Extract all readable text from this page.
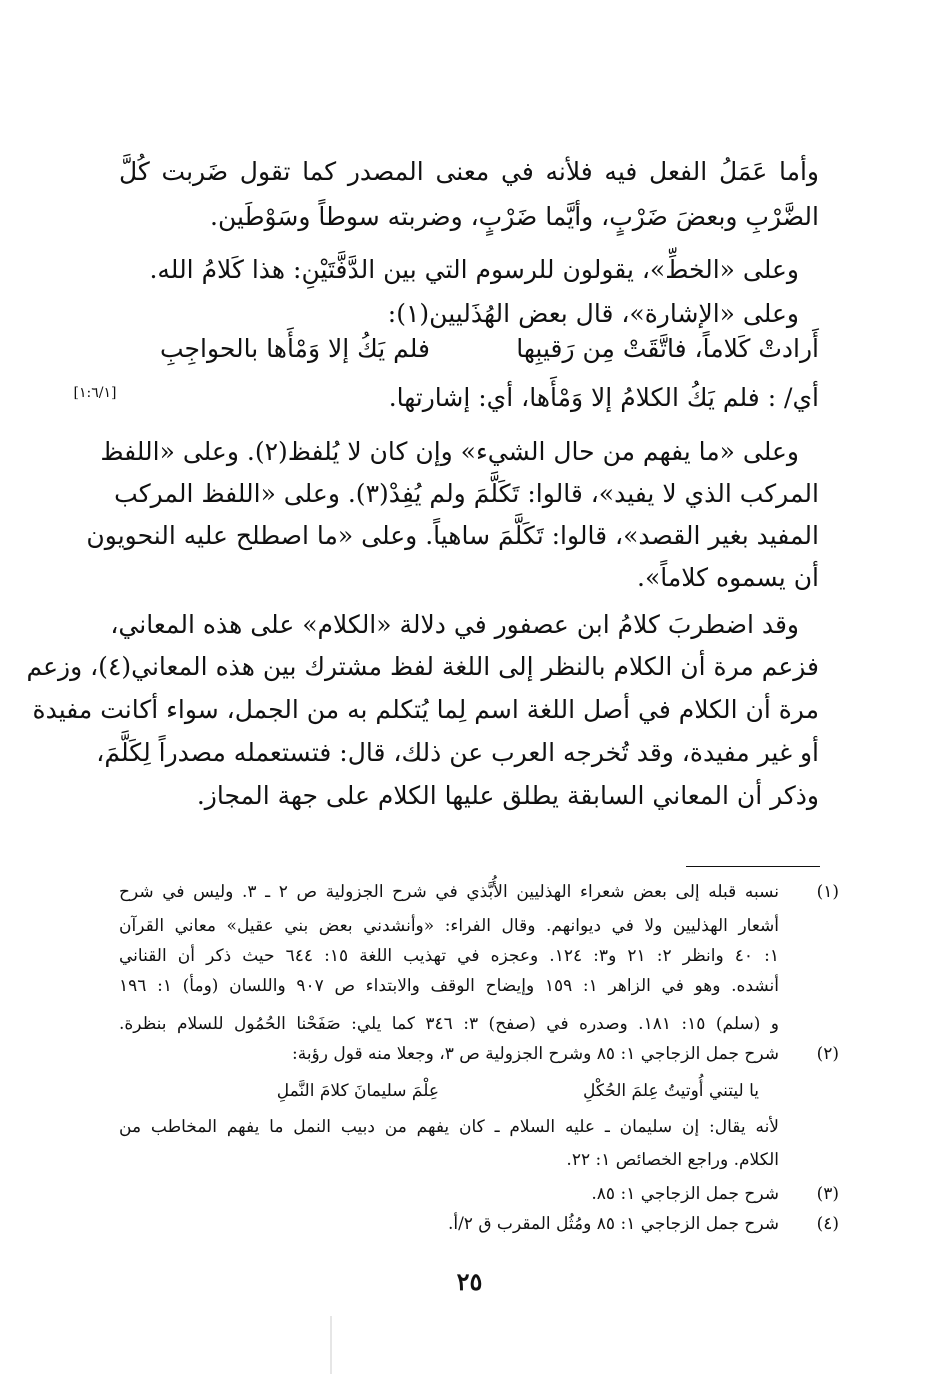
وأما عَمَلُ الفعل فيه فلأنه في معنى المصدر كما تقول ضَربت كُلَّ
الضَّرْبِ وبعضَ ضَرْبٍ، وأيَّما ضَرْبٍ، وضربته سوطاً وسَوْطَين.
وعلى «الخطِّ»، يقولون للرسوم التي بين الدَّفَّتَيْنِ: هذا كَلامُ الله.
وعلى «الإشارة»، قال بعض الهُذَليين(١):
أَرادتْ كَلاماً، فاتَّقَتْ مِن رَقيبِها
فلم يَكُ إلا وَمْأَها بالحواجِبِ
أي/ : فلم يَكُ الكلامُ إلا وَمْأَها، أي: إشارتها.
[١:٦/١]
وعلى «ما يفهم من حال الشيء» وإن كان لا يُلفظ(٢). وعلى «اللفظ
المركب الذي لا يفيد»، قالوا: تَكَلَّمَ ولم يُفِدْ(٣). وعلى «اللفظ المركب
المفيد بغير القصد»، قالوا: تَكَلَّمَ ساهياً. وعلى «ما اصطلح عليه النحويون
أن يسموه كلاماً».
وقد اضطربَ كلامُ ابن عصفور في دلالة «الكلام» على هذه المعاني،
فزعم مرة أن الكلام بالنظر إلى اللغة لفظ مشترك بين هذه المعاني(٤)، وزعم
مرة أن الكلام في أصل اللغة اسم لِما يُتكلم به من الجمل، سواء أكانت مفيدة
أو غير مفيدة، وقد تُخرجه العرب عن ذلك، قال: فتستعمله مصدراً لِكَلَّمَ،
وذكر أن المعاني السابقة يطلق عليها الكلام على جهة المجاز.
(١)
نسبه قبله إلى بعض شعراء الهذليين الأُبَّذي في شرح الجزولية ص ٢ ـ ٣. وليس في شرح
أشعار الهذليين ولا في ديوانهم. وقال الفراء: «وأنشدني بعض بني عقيل» معاني القرآن
١: ٤٠ وانظر ٢: ٢١ و٣: ١٢٤. وعجزه في تهذيب اللغة ١٥: ٦٤٤ حيث ذكر أن القناني
أنشده. وهو في الزاهر ١: ١٥٩ وإيضاح الوقف والابتداء ص ٩٠٧ واللسان (ومأ) ١: ١٩٦
و (سلم) ١٥: ١٨١. وصدره في (صفح) ٣: ٣٤٦ كما يلي: صَفَحْنا الحُمُول للسلام بنظرة.
(٢)
شرح جمل الزجاجي ١: ٨٥ وشرح الجزولية ص ٣، وجعلا منه قول رؤبة:
يا ليتني أُوتيتُ عِلمَ الحُكْلِ
عِلْمَ سليمانَ كلامَ النَّملِ
لأنه يقال: إن سليمان ـ عليه السلام ـ كان يفهم من دبيب النمل ما يفهم المخاطب من
الكلام. وراجع الخصائص ١: ٢٢.
(٣)
شرح جمل الزجاجي ١: ٨٥.
(٤)
شرح جمل الزجاجي ١: ٨٥ ومُثُل المقرب ق ٢/أ.
٢٥
